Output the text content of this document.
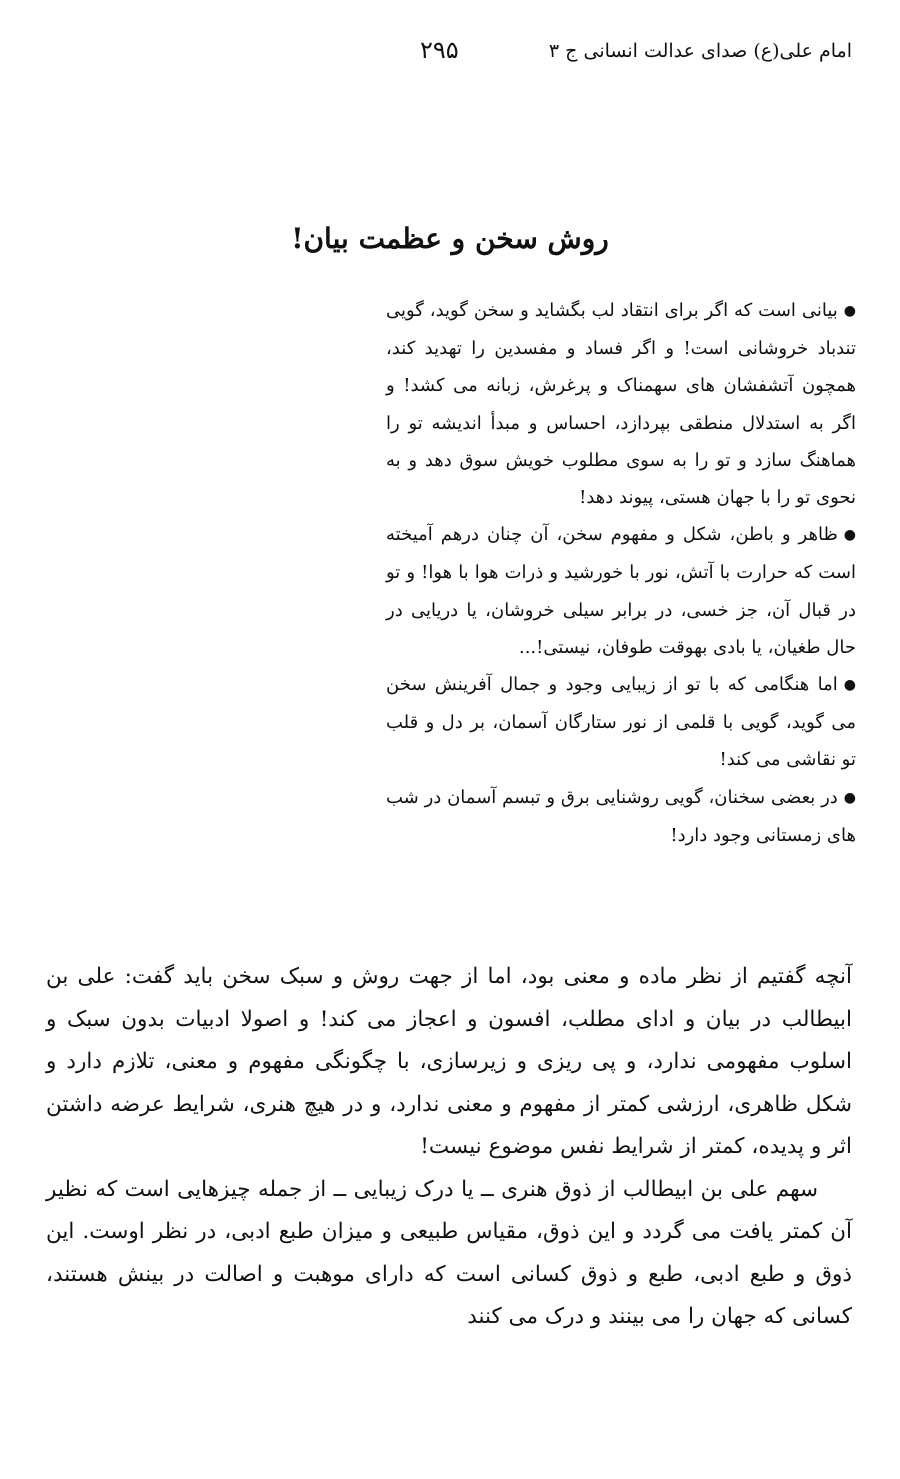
امام علی(ع) صدای عدالت انسانی ج ۳
۲۹۵
روش سخن و عظمت بیان!

●بیانی است که اگر برای انتقاد لب بگشاید و سخن گوید، گویی تندباد خروشانی است! و اگر فساد و مفسدین را تهدید کند، همچون آتشفشان های سهمناک و پرغرش، زبانه می کشد! و اگر به استدلال منطقی بپردازد، احساس و مبدأ اندیشه تو را هماهنگ سازد و تو را به سوی مطلوب خویش سوق دهد و به نحوی تو را با جهان هستی، پیوند دهد!

●ظاهر و باطن، شکل و مفهوم سخن، آن چنان درهم آمیخته است که حرارت با آتش، نور با خورشید و ذرات هوا با هوا! و تو در قبال آن، جز خسی، در برابر سیلی خروشان، یا دریایی در حال طغیان، یا بادی بهوقت طوفان، نیستی!...

●اما هنگامی که با تو از زیبایی وجود و جمال آفرینش سخن می گوید، گویی با قلمی از نور ستارگان آسمان، بر دل و قلب تو نقاشی می کند!

●در بعضی سخنان، گویی روشنایی برق و تبسم آسمان در شب های زمستانی وجود دارد!

آنچه گفتیم از نظر ماده و معنی بود، اما از جهت روش و سبک سخن باید گفت: علی بن ابیطالب در بیان و ادای مطلب، افسون و اعجاز می کند! و اصولا ادبیات بدون سبک و اسلوب مفهومی ندارد، و پی ریزی و زیرسازی، با چگونگی مفهوم و معنی، تلازم دارد و شکل ظاهری، ارزشی کمتر از مفهوم و معنی ندارد، و در هیچ هنری، شرایط عرضه داشتن اثر و پدیده، کمتر از شرایط نفس موضوع نیست!

سهم علی بن ابیطالب از ذوق هنری ــ یا درک زیبایی ــ از جمله چیزهایی است که نظیر آن کمتر یافت می گردد و این ذوق، مقیاس طبیعی و میزان طبع ادبی، در نظر اوست. این ذوق و طبع ادبی، طبع و ذوق کسانی است که دارای موهبت و اصالت در بینش هستند، کسانی که جهان را می بینند و درک می کنند
